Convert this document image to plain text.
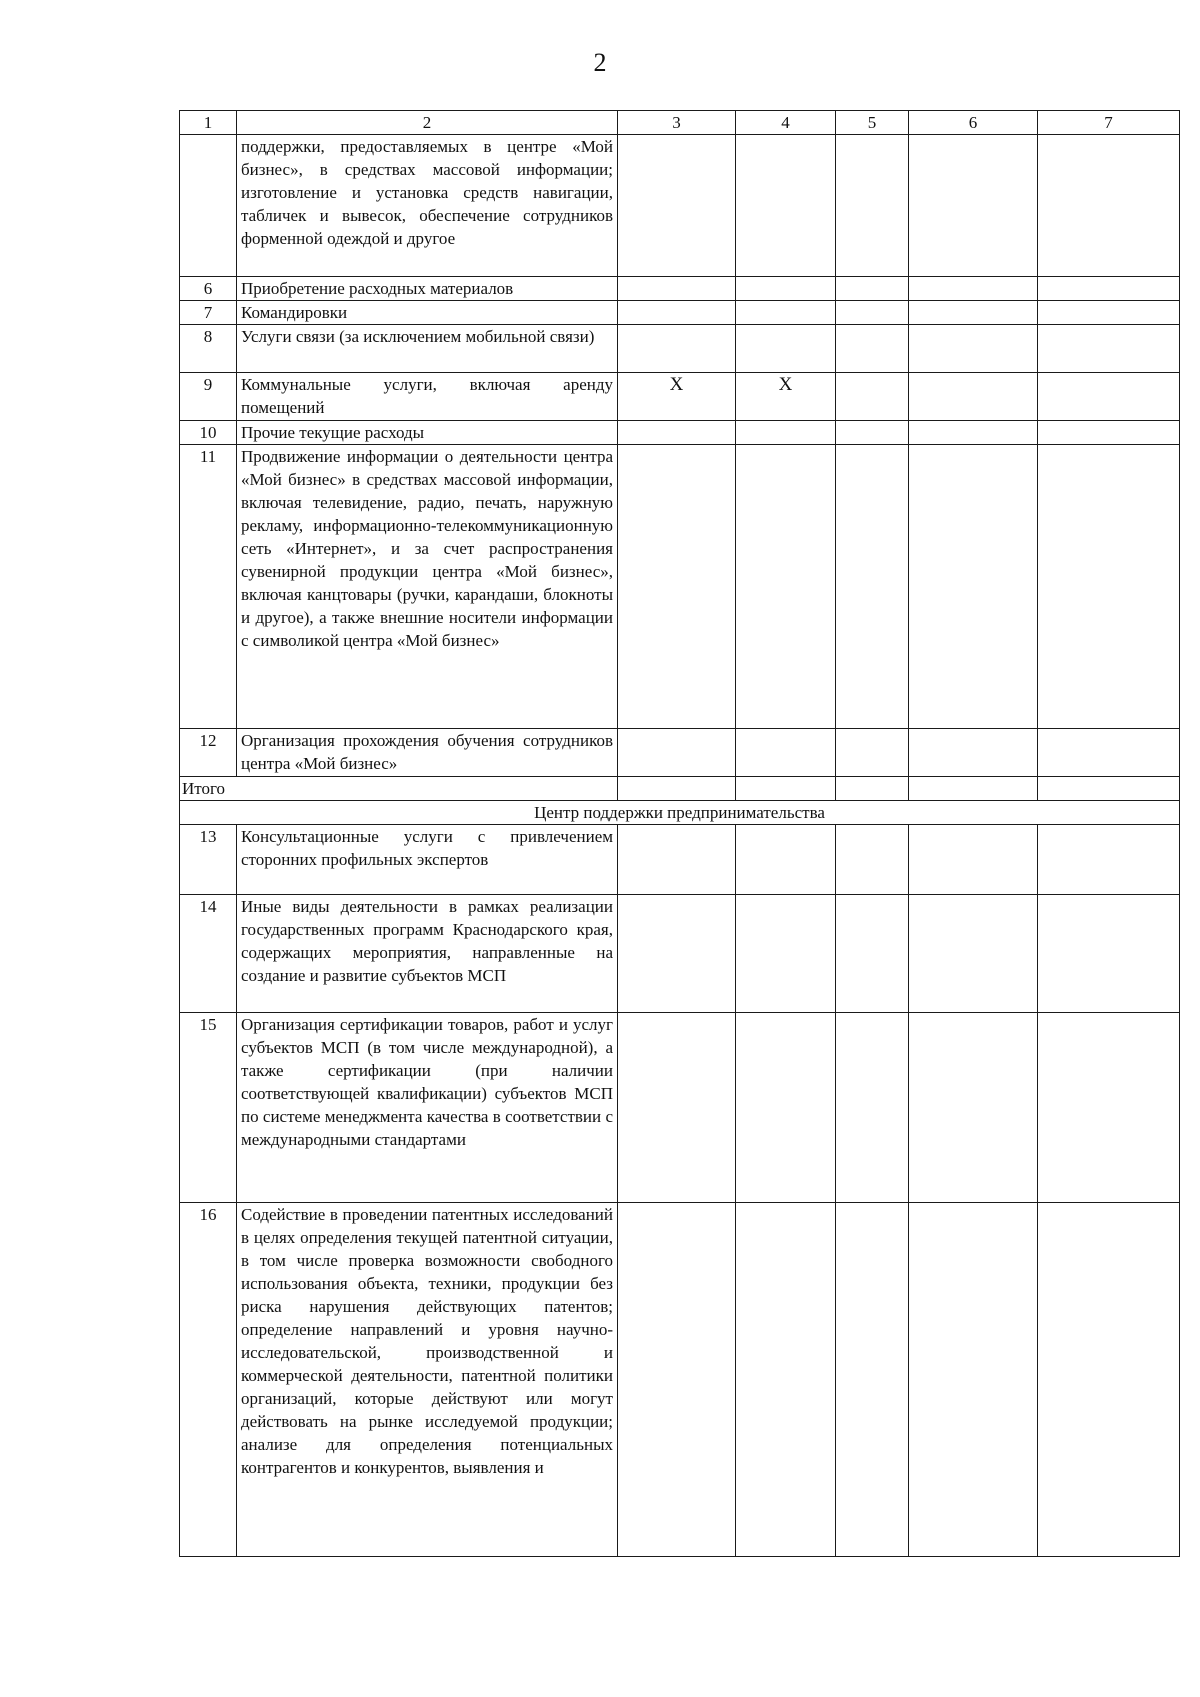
2
1	2	3	4	5	6	7
	поддержки, предоставляемых в центре «Мой бизнес», в средствах массовой информации; изготовление и установка средств навигации, табличек и вывесок, обеспечение сотрудников форменной одеждой и другое					
6	Приобретение расходных материалов					
7	Командировки					
8	Услуги связи (за исключением мобильной связи)					
9	Коммунальные услуги, включая аренду помещений	Х	Х			
10	Прочие текущие расходы					
11	Продвижение информации о деятельности центра «Мой бизнес» в средствах массовой информации, включая телевидение, радио, печать, наружную рекламу, информационно-телекоммуникационную сеть «Интернет», и за счет распространения сувенирной продукции центра «Мой бизнес», включая канцтовары (ручки, карандаши, блокноты и другое), а также внешние носители информации с символикой центра «Мой бизнес»					
12	Организация прохождения обучения сотрудников центра «Мой бизнес»					
Итого						
Центр поддержки предпринимательства						
13	Консультационные услуги с привлечением сторонних профильных экспертов					
14	Иные виды деятельности в рамках реализации государственных программ Краснодарского края, содержащих мероприятия, направленные на создание и развитие субъектов МСП					
15	Организация сертификации товаров, работ и услуг субъектов МСП (в том числе международной), а также сертификации (при наличии соответствующей квалификации) субъектов МСП по системе менеджмента качества в соответствии с международными стандартами					
16	Содействие в проведении патентных исследований в целях определения текущей патентной ситуации, в том числе проверка возможности свободного использования объекта, техники, продукции без риска нарушения действующих патентов; определение направлений и уровня научно-исследовательской, производственной и коммерческой деятельности, патентной политики организаций, которые действуют или могут действовать на рынке исследуемой продукции; анализе для определения потенциальных контрагентов и конкурентов, выявления и					
